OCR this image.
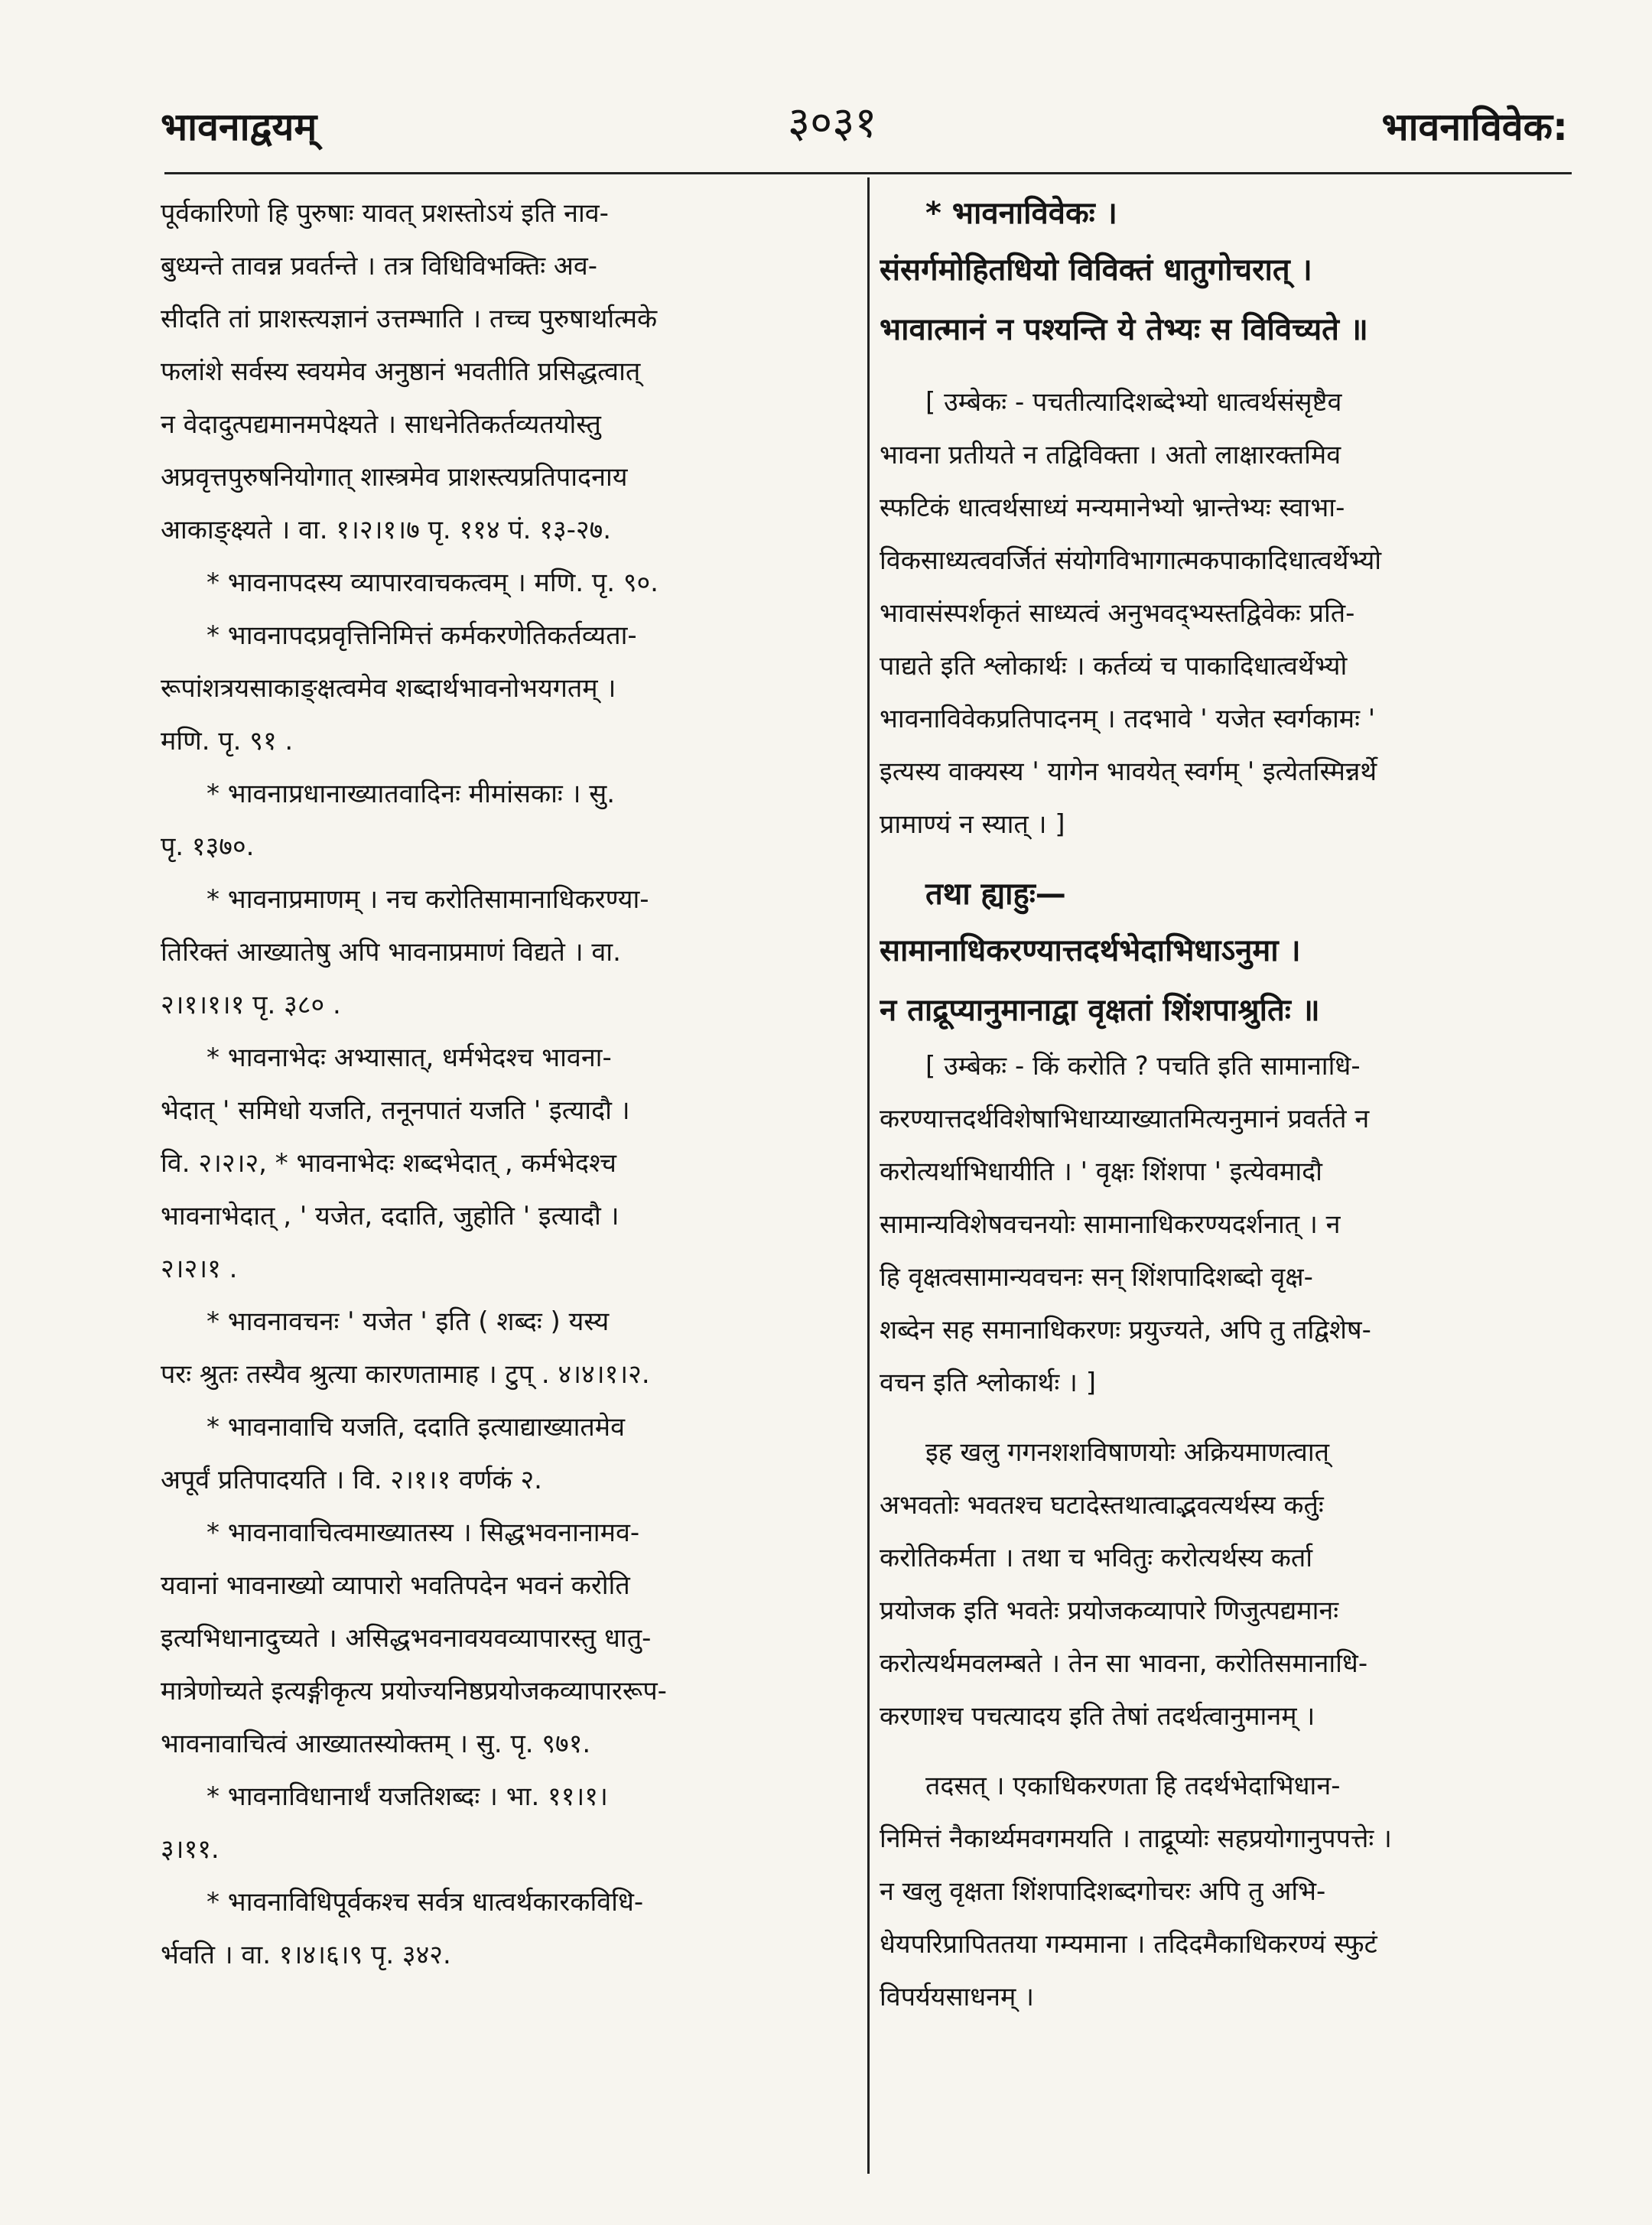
भावनाद्वयम्	३०३१	भावनाविवेक:

पूर्वकारिणो हि पुरुषाः यावत् प्रशस्तोऽयं इति नाव-

बुध्यन्ते तावन्न प्रवर्तन्ते । तत्र विधिविभक्तिः अव-

सीदति तां प्राशस्त्यज्ञानं उत्तम्भाति । तच्च पुरुषार्थात्मके

फलांशे सर्वस्य स्वयमेव अनुष्ठानं भवतीति प्रसिद्धत्वात्

न वेदादुत्पद्यमानमपेक्ष्यते । साधनेतिकर्तव्यतयोस्तु

अप्रवृत्तपुरुषनियोगात् शास्त्रमेव प्राशस्त्यप्रतिपादनाय

आकाङ्क्ष्यते । वा. १।२।१।७ पृ. ११४ पं. १३-२७.

* भावनापदस्य व्यापारवाचकत्वम् । मणि. पृ. ९०.

* भावनापदप्रवृत्तिनिमित्तं कर्मकरणेतिकर्तव्यता-

रूपांशत्रयसाकाङ्क्षत्वमेव शब्दार्थभावनोभयगतम् ।

मणि. पृ. ९१ .

* भावनाप्रधानाख्यातवादिनः मीमांसकाः । सु.

पृ. १३७०.

* भावनाप्रमाणम् । नच करोतिसामानाधिकरण्या-

तिरिक्तं आख्यातेषु अपि भावनाप्रमाणं विद्यते । वा.

२।१।१।१ पृ. ३८० .

* भावनाभेदः अभ्यासात्, धर्मभेदश्च भावना-

भेदात् ' समिधो यजति, तनूनपातं यजति ' इत्यादौ ।

वि. २।२।२, * भावनाभेदः शब्दभेदात् , कर्मभेदश्च

भावनाभेदात् , ' यजेत, ददाति, जुहोति ' इत्यादौ ।

२।२।१ .

* भावनावचनः ' यजेत ' इति ( शब्दः ) यस्य

परः श्रुतः तस्यैव श्रुत्या कारणतामाह । टुप् . ४।४।१।२.

* भावनावाचि यजति, ददाति इत्याद्याख्यातमेव

अपूर्वं प्रतिपादयति । वि. २।१।१ वर्णकं २.

* भावनावाचित्वमाख्यातस्य । सिद्धभवनानामव-

यवानां भावनाख्यो व्यापारो भवतिपदेन भवनं करोति

इत्यभिधानादुच्यते । असिद्धभवनावयवव्यापारस्तु धातु-

मात्रेणोच्यते इत्यङ्गीकृत्य प्रयोज्यनिष्ठप्रयोजकव्यापाररूप-

भावनावाचित्वं आख्यातस्योक्तम् । सु. पृ. ९७१.

* भावनाविधानार्थं यजतिशब्दः । भा. ११।१।

३।११.

* भावनाविधिपूर्वकश्च सर्वत्र धात्वर्थकारकविधि-

र्भवति । वा. १।४।६।९ पृ. ३४२.

* भावनाविवेकः ।

संसर्गमोहितधियो विविक्तं धातुगोचरात् ।

भावात्मानं न पश्यन्ति ये तेभ्यः स विविच्यते ॥

[ उम्बेकः - पचतीत्यादिशब्देभ्यो धात्वर्थसंसृष्टैव

भावना प्रतीयते न तद्विविक्ता । अतो लाक्षारक्तमिव

स्फटिकं धात्वर्थसाध्यं मन्यमानेभ्यो भ्रान्तेभ्यः स्वाभा-

विकसाध्यत्ववर्जितं संयोगविभागात्मकपाकादिधात्वर्थेभ्यो

भावासंस्पर्शकृतं साध्यत्वं अनुभवद्भ्यस्तद्विवेकः प्रति-

पाद्यते इति श्लोकार्थः । कर्तव्यं च पाकादिधात्वर्थेभ्यो

भावनाविवेकप्रतिपादनम् । तदभावे ' यजेत स्वर्गकामः '

इत्यस्य वाक्यस्य ' यागेन भावयेत् स्वर्गम् ' इत्येतस्मिन्नर्थे

प्रामाण्यं न स्यात् । ]

तथा ह्याहुः—

सामानाधिकरण्यात्तदर्थभेदाभिधाऽनुमा ।

न ताद्रूप्यानुमानाद्वा वृक्षतां शिंशपाश्रुतिः ॥

[ उम्बेकः - किं करोति ? पचति इति सामानाधि-

करण्यात्तदर्थविशेषाभिधाय्याख्यातमित्यनुमानं प्रवर्तते न

करोत्यर्थाभिधायीति । ' वृक्षः शिंशपा ' इत्येवमादौ

सामान्यविशेषवचनयोः सामानाधिकरण्यदर्शनात् । न

हि वृक्षत्वसामान्यवचनः सन् शिंशपादिशब्दो वृक्ष-

शब्देन सह समानाधिकरणः प्रयुज्यते, अपि तु तद्विशेष-

वचन इति श्लोकार्थः । ]

इह खलु गगनशशविषाणयोः अक्रियमाणत्वात्

अभवतोः भवतश्च घटादेस्तथात्वाद्भवत्यर्थस्य कर्तुः

करोतिकर्मता । तथा च भवितुः करोत्यर्थस्य कर्ता

प्रयोजक इति भवतेः प्रयोजकव्यापारे णिजुत्पद्यमानः

करोत्यर्थमवलम्बते । तेन सा भावना, करोतिसमानाधि-

करणाश्च पचत्यादय इति तेषां तदर्थत्वानुमानम् ।

तदसत् । एकाधिकरणता हि तदर्थभेदाभिधान-

निमित्तं नैकार्थ्यमवगमयति । ताद्रूप्योः सहप्रयोगानुपपत्तेः ।

न खलु वृक्षता शिंशपादिशब्दगोचरः अपि तु अभि-

धेयपरिप्रापिततया गम्यमाना । तदिदमैकाधिकरण्यं स्फुटं

विपर्ययसाधनम् ।
